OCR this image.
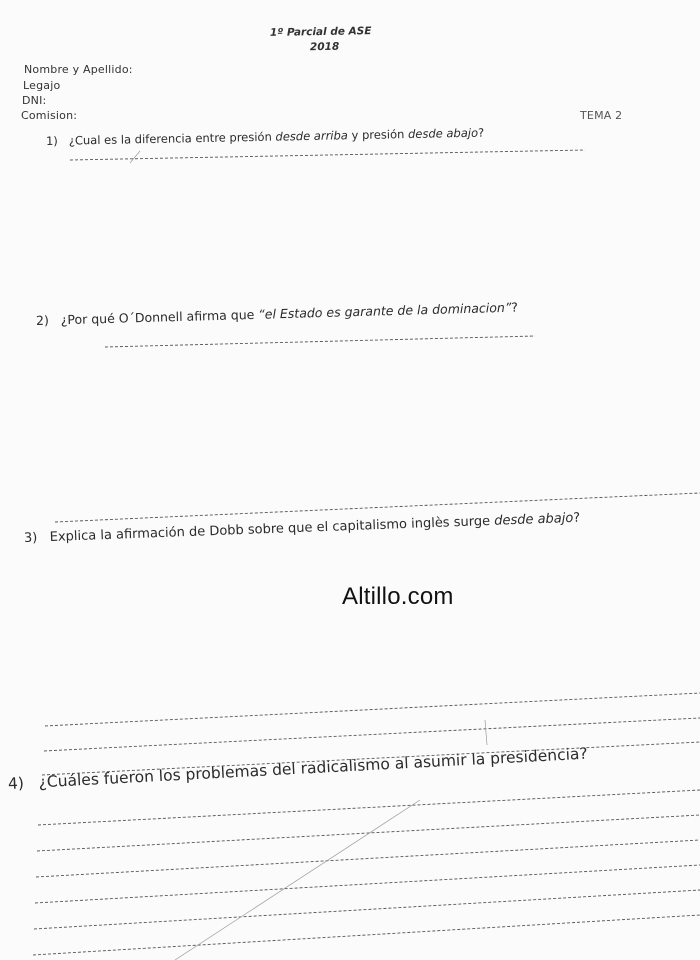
1º Parcial de ASE
2018
Nombre y Apellido:
Legajo
DNI:
Comision:	TEMA 2
1) ¿Cual es la diferencia entre presión desde arriba y presión desde abajo?
2) ¿Por qué O´Donnell afirma que “el Estado es garante de la dominacion”?
3) Explica la afirmación de Dobb sobre que el capitalismo inglès surge desde abajo?
Altillo.com
4) ¿Cuáles fueron los problemas del radicalismo al asumir la presidencia?
